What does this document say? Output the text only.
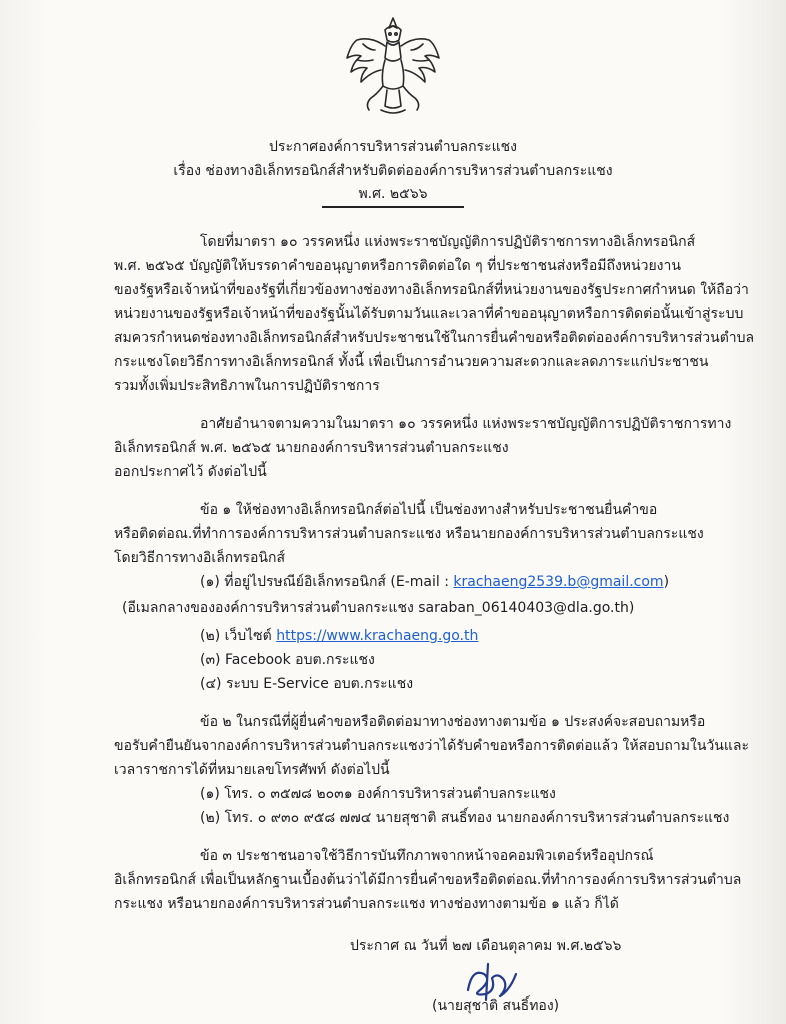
ประกาศองค์การบริหารส่วนตำบลกระแชง
เรื่อง ช่องทางอิเล็กทรอนิกส์สำหรับติดต่อองค์การบริหารส่วนตำบลกระแชง
พ.ศ. ๒๕๖๖
โดยที่มาตรา ๑๐ วรรคหนึ่ง แห่งพระราชบัญญัติการปฏิบัติราชการทางอิเล็กทรอนิกส์
พ.ศ. ๒๕๖๕ บัญญัติให้บรรดาคำขออนุญาตหรือการติดต่อใด ๆ ที่ประชาชนส่งหรือมีถึงหน่วยงาน
ของรัฐหรือเจ้าหน้าที่ของรัฐที่เกี่ยวข้องทางช่องทางอิเล็กทรอนิกส์ที่หน่วยงานของรัฐประกาศกำหนด ให้ถือว่า
หน่วยงานของรัฐหรือเจ้าหน้าที่ของรัฐนั้นได้รับตามวันและเวลาที่คำขออนุญาตหรือการติดต่อนั้นเข้าสู่ระบบ
สมควรกำหนดช่องทางอิเล็กทรอนิกส์สำหรับประชาชนใช้ในการยื่นคำขอหรือติดต่อองค์การบริหารส่วนตำบล
กระแชงโดยวิธีการทางอิเล็กทรอนิกส์ ทั้งนี้ เพื่อเป็นการอำนวยความสะดวกและลดภาระแก่ประชาชน
รวมทั้งเพิ่มประสิทธิภาพในการปฏิบัติราชการ
อาศัยอำนาจตามความในมาตรา ๑๐ วรรคหนึ่ง แห่งพระราชบัญญัติการปฏิบัติราชการทาง
อิเล็กทรอนิกส์ พ.ศ. ๒๕๖๕ นายกองค์การบริหารส่วนตำบลกระแชง
ออกประกาศไว้ ดังต่อไปนี้
ข้อ ๑ ให้ช่องทางอิเล็กทรอนิกส์ต่อไปนี้ เป็นช่องทางสำหรับประชาชนยื่นคำขอ
หรือติดต่อณ.ที่ทำการองค์การบริหารส่วนตำบลกระแชง หรือนายกองค์การบริหารส่วนตำบลกระแชง
โดยวิธีการทางอิเล็กทรอนิกส์
(๑) ที่อยู่ไปรษณีย์อิเล็กทรอนิกส์ (E-mail : krachaeng2539.b@gmail.com)
(อีเมลกลางขององค์การบริหารส่วนตำบลกระแชง saraban_06140403@dla.go.th)
(๒) เว็บไซต์ https://www.krachaeng.go.th
(๓) Facebook อบต.กระแชง
(๔) ระบบ E-Service อบต.กระแชง
ข้อ ๒ ในกรณีที่ผู้ยื่นคำขอหรือติดต่อมาทางช่องทางตามข้อ ๑ ประสงค์จะสอบถามหรือ
ขอรับคำยืนยันจากองค์การบริหารส่วนตำบลกระแชงว่าได้รับคำขอหรือการติดต่อแล้ว ให้สอบถามในวันและ
เวลาราชการได้ที่หมายเลขโทรศัพท์ ดังต่อไปนี้
(๑) โทร. ๐ ๓๕๗๘ ๒๐๓๑ องค์การบริหารส่วนตำบลกระแชง
(๒) โทร. ๐ ๙๓๐ ๙๕๘ ๗๗๔ นายสุชาติ สนธิ์ทอง นายกองค์การบริหารส่วนตำบลกระแชง
ข้อ ๓ ประชาชนอาจใช้วิธีการบันทึกภาพจากหน้าจอคอมพิวเตอร์หรืออุปกรณ์
อิเล็กทรอนิกส์ เพื่อเป็นหลักฐานเบื้องต้นว่าได้มีการยื่นคำขอหรือติดต่อณ.ที่ทำการองค์การบริหารส่วนตำบล
กระแชง หรือนายกองค์การบริหารส่วนตำบลกระแชง ทางช่องทางตามข้อ ๑ แล้ว ก็ได้
ประกาศ ณ วันที่ ๒๗ เดือนตุลาคม พ.ศ.๒๕๖๖
(นายสุชาติ สนธิ์ทอง)
